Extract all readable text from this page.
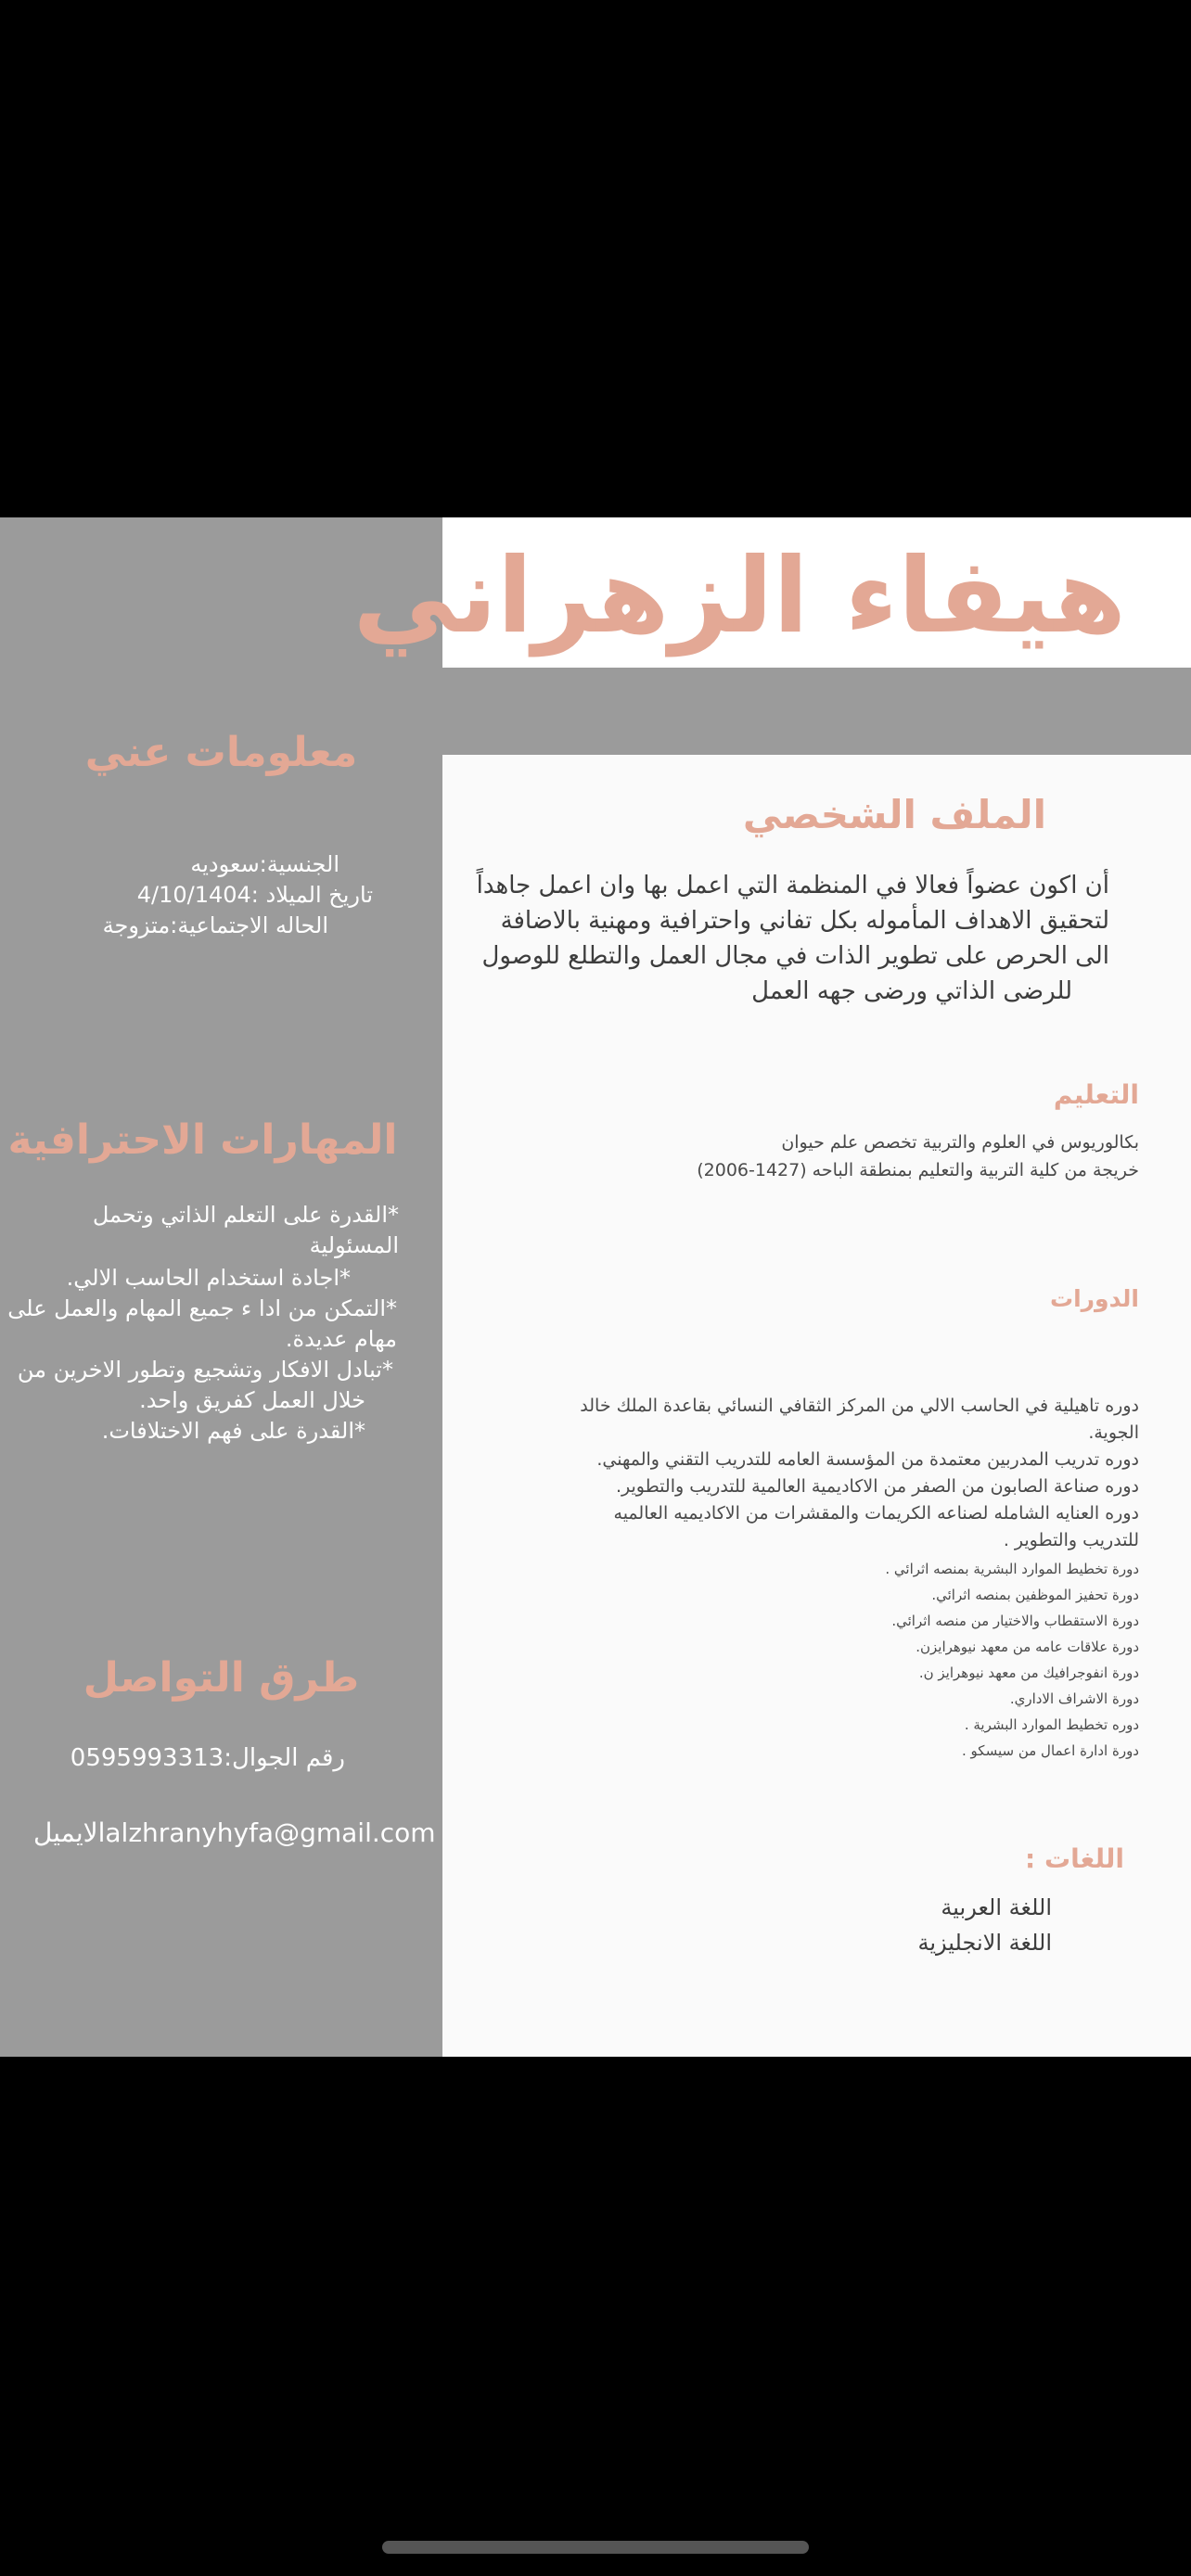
هيفاء الزهراني
معلومات عني
الجنسية:سعوديه
تاريخ الميلاد :4/10/1404
الحاله الاجتماعية:متزوجة
المهارات الاحترافية
*القدرة على التعلم الذاتي وتحمل المسئولية
*اجادة استخدام الحاسب الالي.
*التمكن من ادا ء جميع المهام والعمل على
مهام عديدة.
*تبادل الافكار وتشجيع وتطور الاخرين من
خلال العمل كفريق واحد.
*القدرة على فهم الاختلافات.
طرق التواصل
رقم الجوال:0595993313
الايميلalzhranyhyfa@gmail.com
الملف الشخصي
أن اكون عضواً فعالا في المنظمة التي اعمل بها وان اعمل جاهداً
لتحقيق الاهداف المأموله بكل تفاني واحترافية ومهنية بالاضافة
الى الحرص على تطوير الذات في مجال العمل والتطلع للوصول
للرضى الذاتي ورضى جهه العمل
التعليم
بكالوريوس في العلوم والتربية تخصص علم حيوان
خريجة من كلية التربية والتعليم بمنطقة الباحه (1427-2006)
الدورات
دوره تاهيلية في الحاسب الالي من المركز الثقافي النسائي بقاعدة الملك خالد
الجوية.
دوره تدريب المدربين معتمدة من المؤسسة العامه للتدريب التقني والمهني.
دوره صناعة الصابون من الصفر من الاكاديمية العالمية للتدريب والتطوير.
دوره العنايه الشامله لصناعه الكريمات والمقشرات من الاكاديميه العالميه
للتدريب والتطوير .
دورة تخطيط الموارد البشرية بمنصه اثرائي .
دورة تحفيز الموظفين بمنصه اثرائي.
دورة الاستقطاب والاختيار من منصه اثرائي.
دورة علاقات عامه من معهد نيوهرايزن.
دورة انفوجرافيك من معهد نيوهرايز ن.
دورة الاشراف الاداري.
دوره تخطيط الموارد البشرية .
دورة ادارة اعمال من سيسكو .
اللغات :
اللغة العربية
اللغة الانجليزية
